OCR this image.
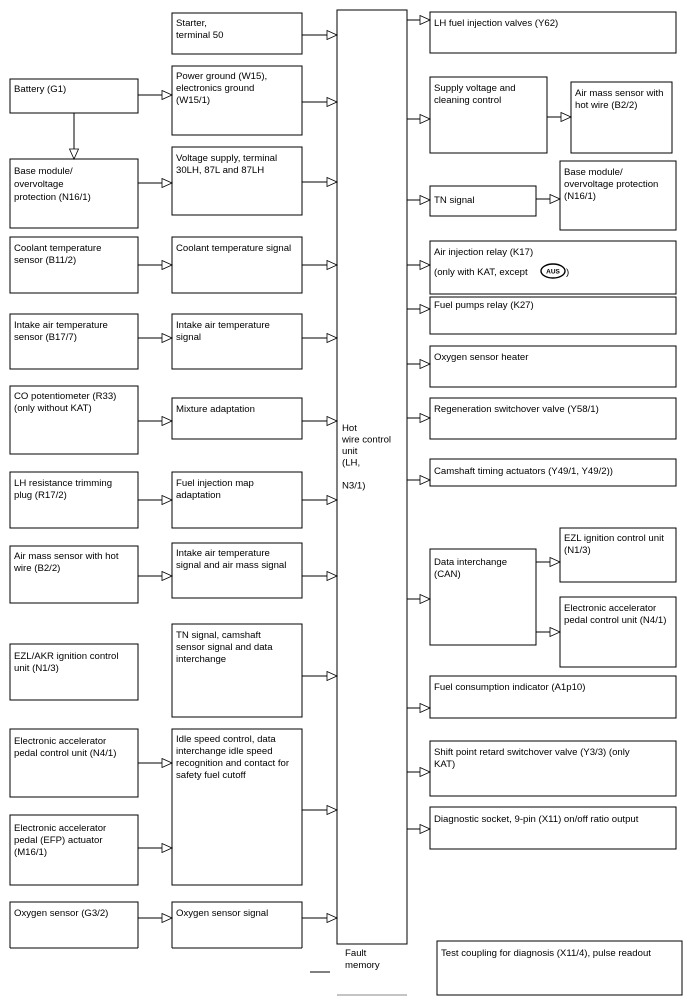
Battery (G1)
Base module/ overvoltage protection (N16/1)
Coolant temperature sensor (B11/2)
Intake air temperature sensor (B17/7)
CO potentiometer (R33) (only without KAT)
LH resistance trimming plug (R17/2)
Air mass sensor with hot wire (B2/2)
EZL/AKR ignition control unit (N1/3)
Electronic accelerator pedal control unit (N4/1)
Electronic accelerator pedal (EFP) actuator (M16/1)
Oxygen sensor (G3/2)
Starter, terminal 50
Power ground (W15), electronics ground (W15/1)
Voltage supply, terminal 30LH, 87L and 87LH
Coolant temperature signal
Intake air temperature signal
Mixture adaptation
Fuel injection map adaptation
Intake air temperature signal and air mass signal
TN signal, camshaft sensor signal and data interchange
Idle speed control, data interchange idle speed recognition and contact for safety fuel cutoff
Oxygen sensor signal
Hot wire control unit (LH, N3/1)
Fault memory
LH fuel injection valves (Y62)
Supply voltage and cleaning control
Air mass sensor with hot wire (B2/2)
TN signal
Base module/ overvoltage protection (N16/1)
Air injection relay (K17)
(only with KAT, except	AUS )
Fuel pumps relay (K27)
Oxygen sensor heater
Regeneration switchover valve (Y58/1)
Camshaft timing actuators (Y49/1, Y49/2))
Data interchange (CAN)
EZL ignition control unit (N1/3)
Electronic accelerator pedal control unit (N4/1)
Fuel consumption indicator (A1p10)
Shift point retard switchover valve (Y3/3) (only KAT)
Diagnostic socket, 9-pin (X11) on/off ratio output
Test coupling for diagnosis (X11/4), pulse readout
